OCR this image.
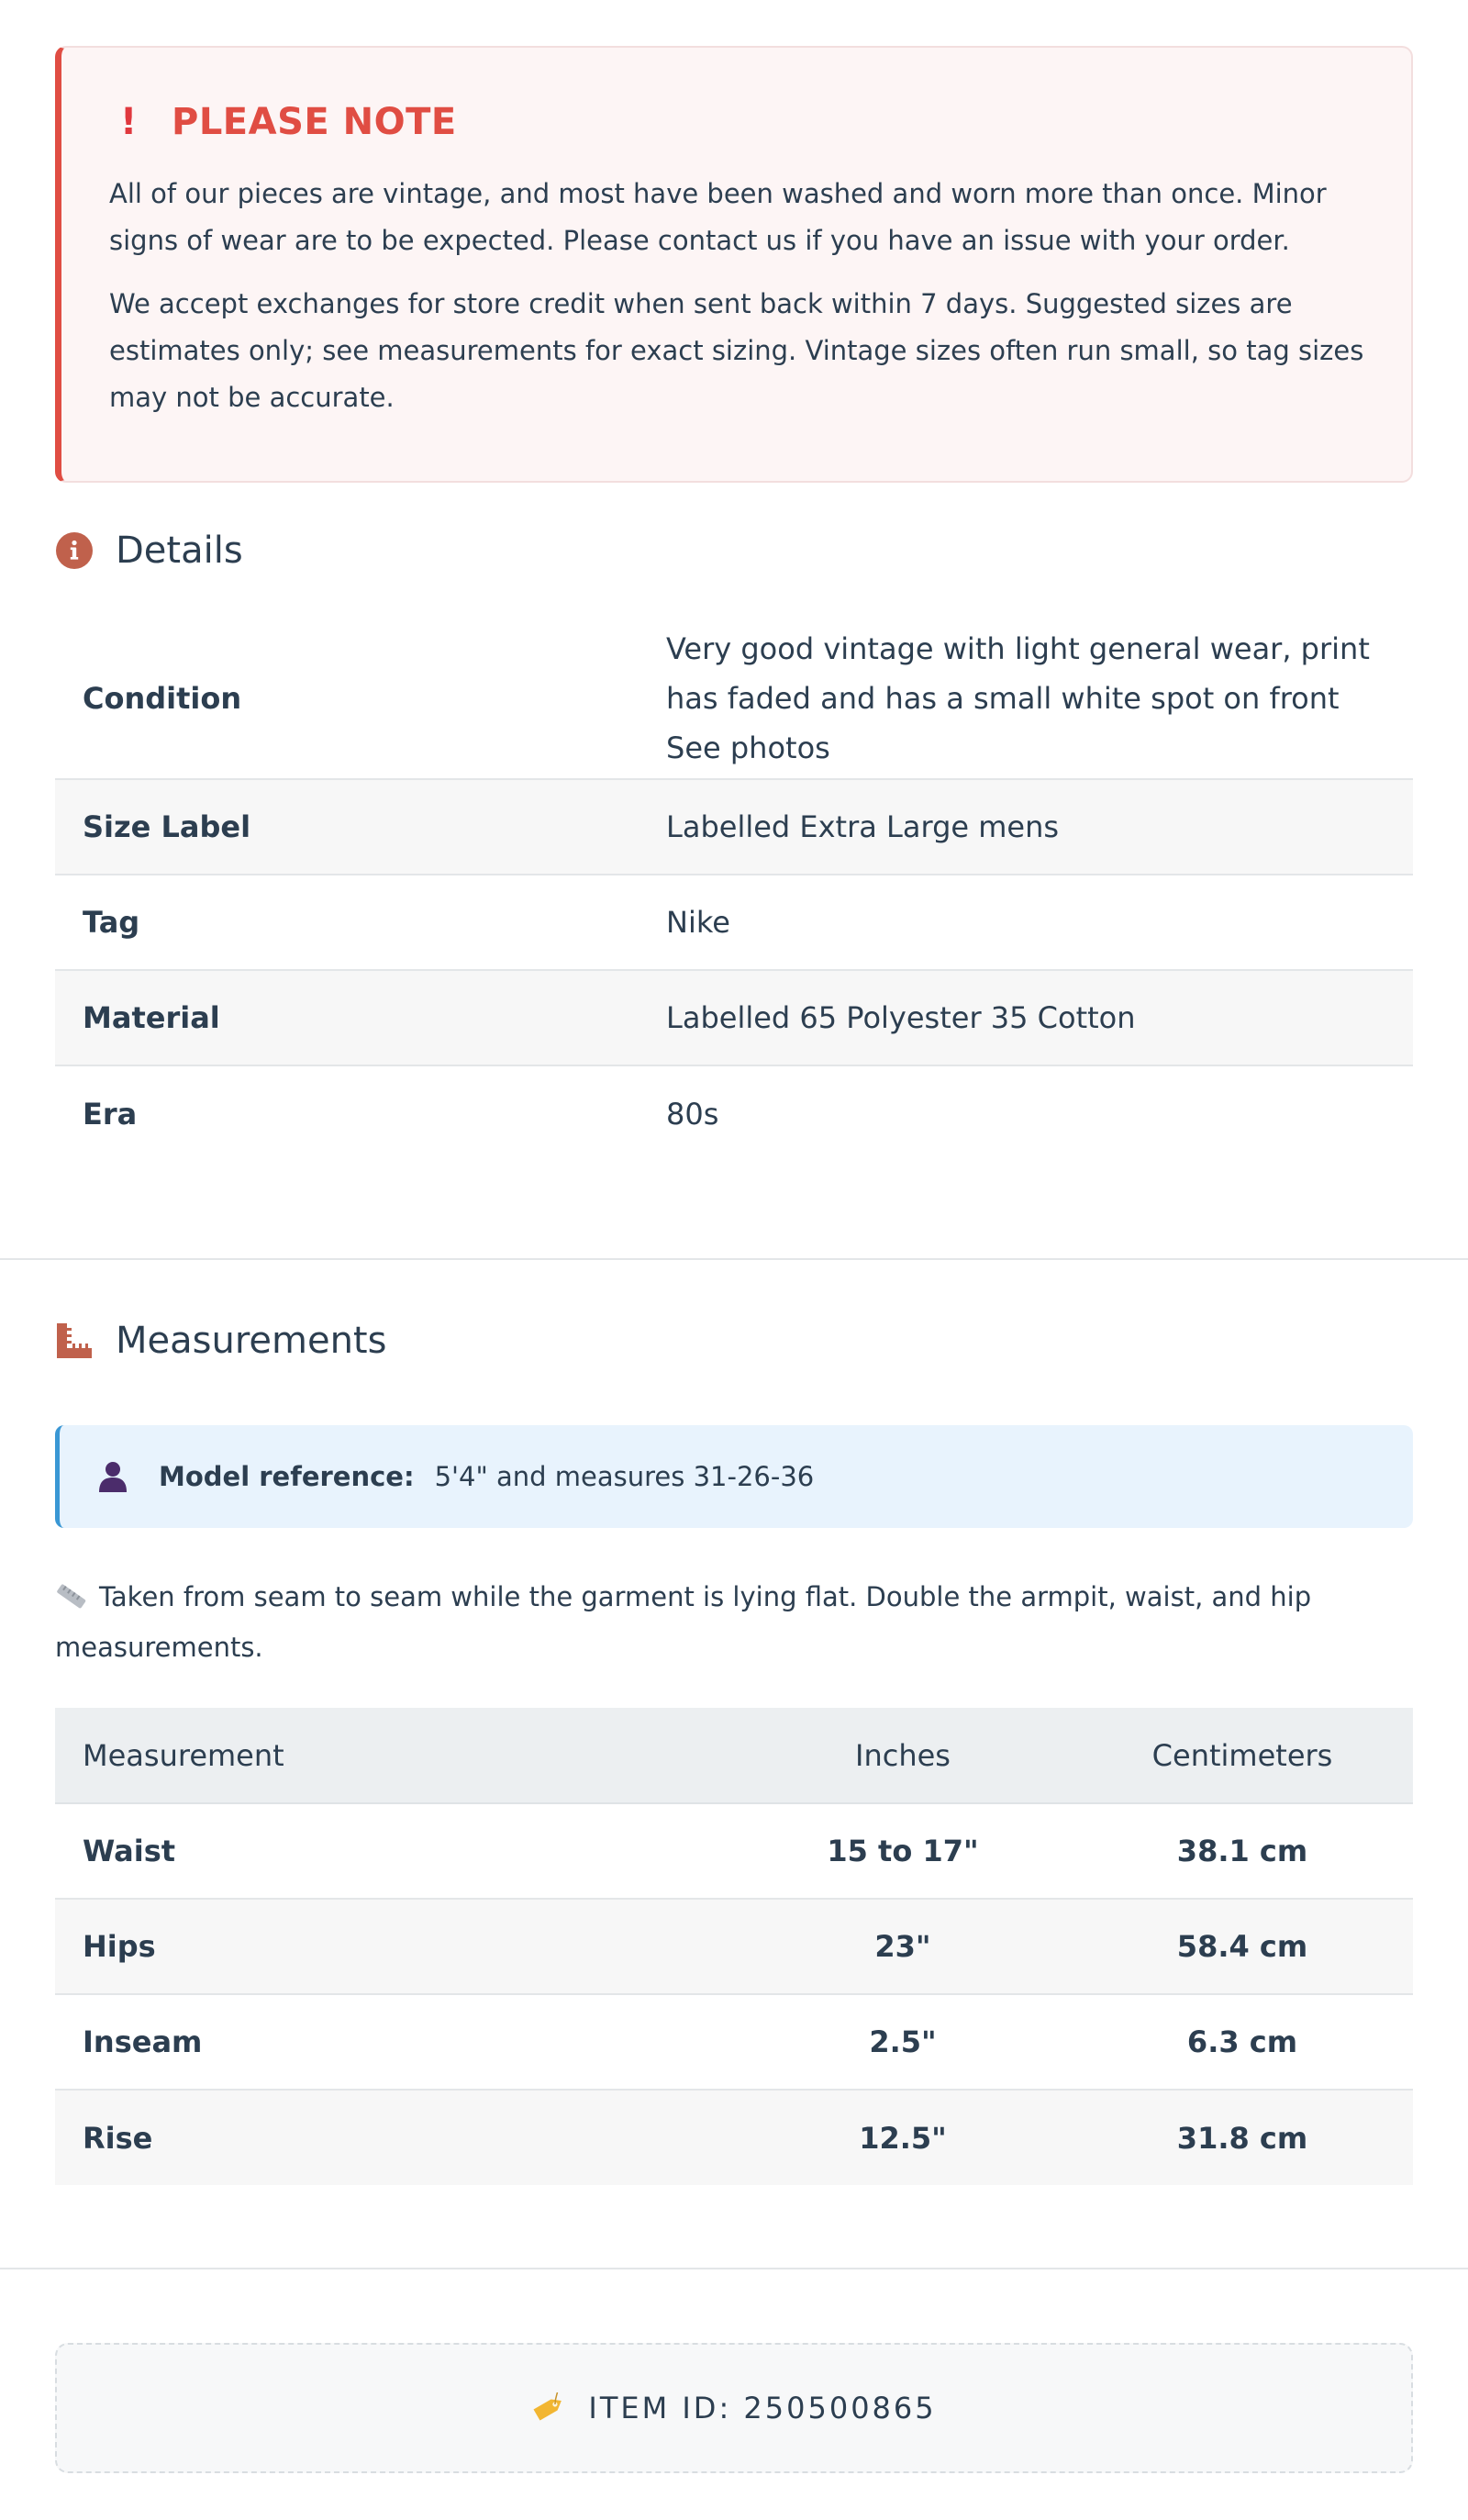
! PLEASE NOTE

All of our pieces are vintage, and most have been washed and worn more than once. Minor signs of wear are to be expected. Please contact us if you have an issue with your order.

We accept exchanges for store credit when sent back within 7 days. Suggested sizes are estimates only; see measurements for exact sizing. Vintage sizes often run small, so tag sizes may not be accurate.

Details
Condition	Very good vintage with light general wear, print has faded and has a small white spot on front See photos
Size Label	Labelled Extra Large mens
Tag	Nike
Material	Labelled 65 Polyester 35 Cotton
Era	80s
Measurements
Model reference: 5'4" and measures 31-26-36
Taken from seam to seam while the garment is lying flat. Double the armpit, waist, and hip measurements.
Measurement	Inches	Centimeters
Waist	15 to 17"	38.1 cm
Hips	23"	58.4 cm
Inseam	2.5"	6.3 cm
Rise	12.5"	31.8 cm
ITEM ID: 250500865
